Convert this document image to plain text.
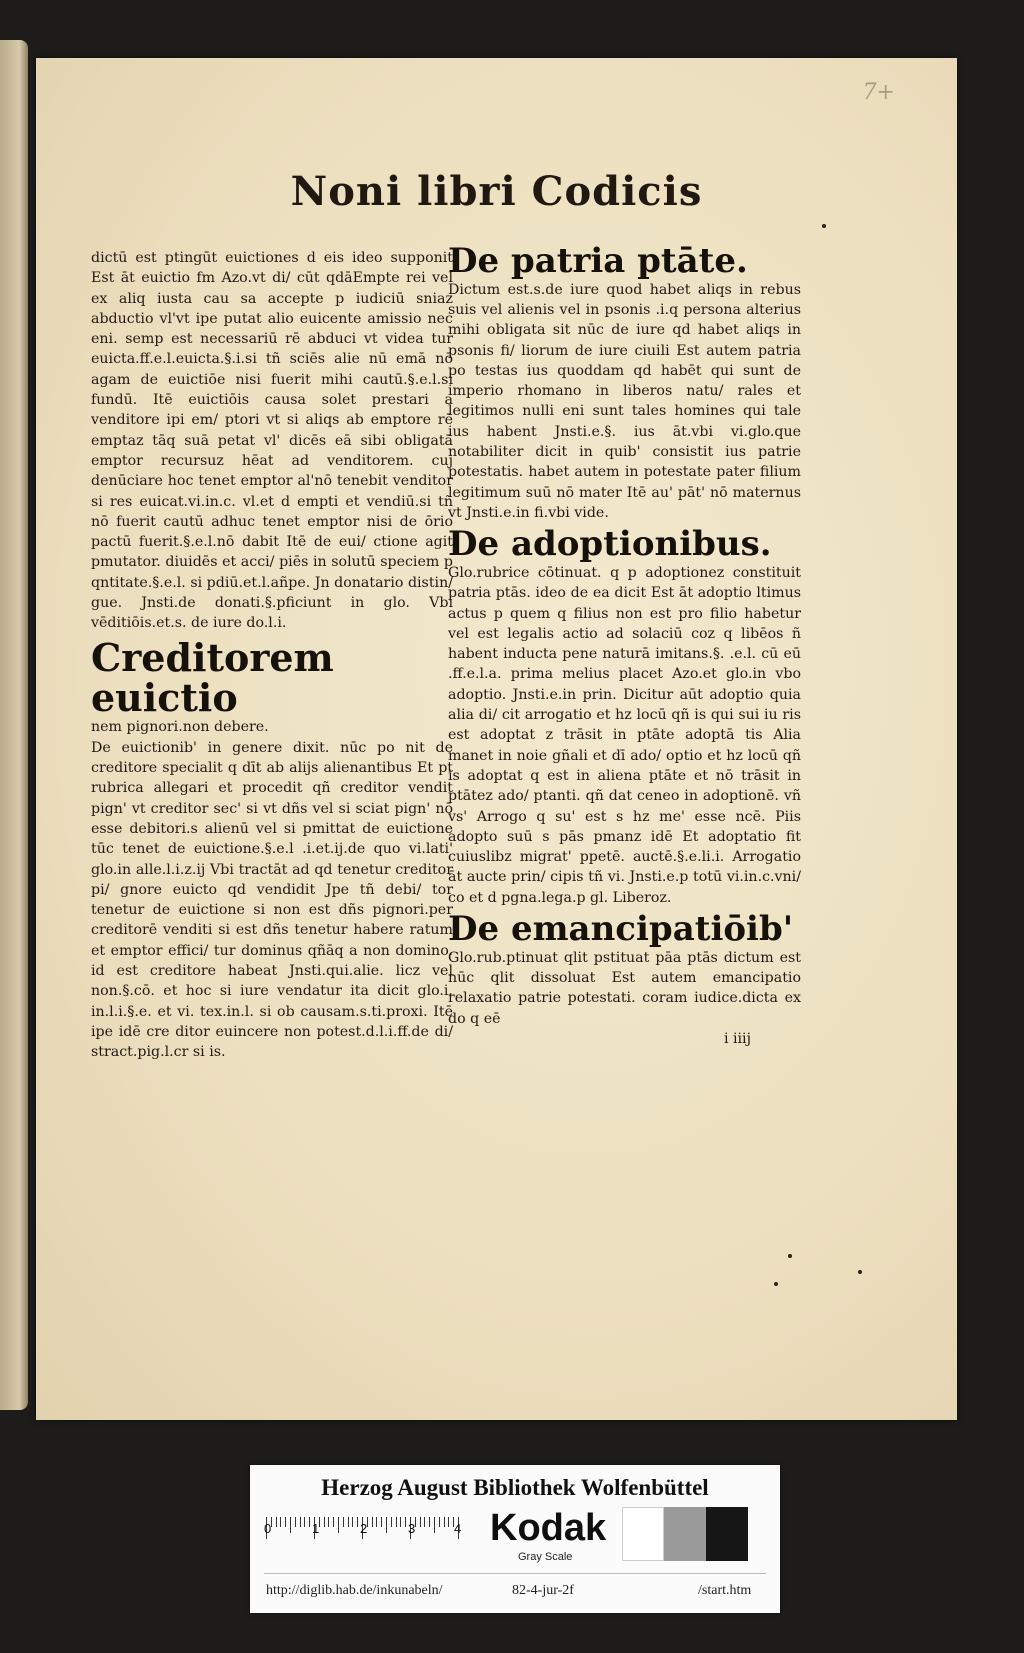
7+
Noni libri Codicis

dictū est ptingūt euictiones d eis ideo supponit Est āt euictio fm Azo.vt di/ cūt qdāEmpte rei vel ex aliq iusta cau sa accepte p iudiciū sniaz abductio vl'vt ipe putat alio euicente amissio nec eni. semp est necessariū rē abduci vt videa tur euicta.ff.e.l.euicta.§.i.si tñ sciēs alie nū emā nō agam de euictiōe nisi fuerit mihi cautū.§.e.l.si fundū. Itē euictiōis causa solet prestari a venditore ipi em/ ptori vt si aliqs ab emptore rē emptaz tāq suā petat vl' dicēs eā sibi obligatā emptor recursuz hēat ad venditorem. cuj denūciare hoc tenet emptor al'nō tenebit venditor si res euicat.vi.in.c. vl.et d empti et vendiū.si tñ nō fuerit cautū adhuc tenet emptor nisi de ōrio pactū fuerit.§.e.l.nō dabit Itē de eui/ ctione agit pmutator. diuidēs et acci/ piēs in solutū speciem p qntitate.§.e.l. si pdiū.et.l.añpe. Jn donatario distin/ gue. Jnsti.de donati.§.pficiunt in glo. Vbi vēditiōis.et.s. de iure do.l.i.

Creditorem euictio

nem pignori.non debere.

De euictionib' in genere dixit. nūc po nit de creditore specialit q dīt ab alijs alienantibus Et pt rubrica allegari et procedit qñ creditor vendit pign' vt creditor sec' si vt dñs vel si sciat pign' nō esse debitori.s alienū vel si pmittat de euictione tūc tenet de euictione.§.e.l .i.et.ij.de quo vi.lati' glo.in alle.l.i.z.ij Vbi tractāt ad qd tenetur creditor pi/ gnore euicto qd vendidit Jpe tñ debi/ tor tenetur de euictione si non est dñs pignori.per creditorē venditi si est dñs tenetur habere ratum et emptor effici/ tur dominus qñāq a non domino. id est creditore habeat Jnsti.qui.alie. licz vel non.§.cō. et hoc si iure vendatur ita dicit glo.i. in.l.i.§.e. et vi. tex.in.l. si ob causam.s.ti.proxi. Itē ipe idē cre ditor euincere non potest.d.l.i.ff.de di/ stract.pig.l.cr si is.

De patria ptāte.

Dictum est.s.de iure quod habet aliqs in rebus suis vel alienis vel in psonis .i.q persona alterius mihi obligata sit nūc de iure qd habet aliqs in psonis fi/ liorum de iure ciuili Est autem patria po testas ius quoddam qd habēt qui sunt de imperio rhomano in liberos natu/ rales et legitimos nulli eni sunt tales homines qui tale ius habent Jnsti.e.§. ius āt.vbi vi.glo.que notabiliter dicit in quib' consistit ius patrie potestatis. habet autem in potestate pater filium legitimum suū nō mater Itē au' pāt' nō maternus vt Jnsti.e.in fi.vbi vide.

De adoptionibus.

Glo.rubrice cōtinuat. q p adoptionez constituit patria ptās. ideo de ea dicit Est āt adoptio ltimus actus p quem q filius non est pro filio habetur vel est legalis actio ad solaciū coz q libēos ñ habent inducta pene naturā imitans.§. .e.l. cū eū .ff.e.l.a. prima melius placet Azo.et glo.in vbo adoptio. Jnsti.e.in prin. Dicitur aūt adoptio quia alia di/ cit arrogatio et hz locū qñ is qui sui iu ris est adoptat z trāsit in ptāte adoptā tis Alia manet in noie gñali et dī ado/ optio et hz locū qñ is adoptat q est in aliena ptāte et nō trāsit in ptātez ado/ ptanti. qñ dat ceneo in adoptionē. vñ vs' Arrogo q su' est s hz me' esse ncē. Piis adopto suū s pās pmanz idē Et adoptatio fit cuiuslibz migrat' ppetē. auctē.§.e.li.i. Arrogatio āt aucte prin/ cipis tñ vi. Jnsti.e.p totū vi.in.c.vni/ co et d pgna.lega.p gl. Liberoz.

De emancipatiōib'

Glo.rub.ptinuat qlit pstituat pāa ptās dictum est nūc qlit dissoluat Est autem emancipatio relaxatio patrie potestati. coram iudice.dicta ex do q eē

i iiij
Herzog August Bibliothek Wolfenbüttel
0	1	2	3	4 Kodak
Gray Scale
http://diglib.hab.de/inkunabeln/	82-4-jur-2f	/start.htm
